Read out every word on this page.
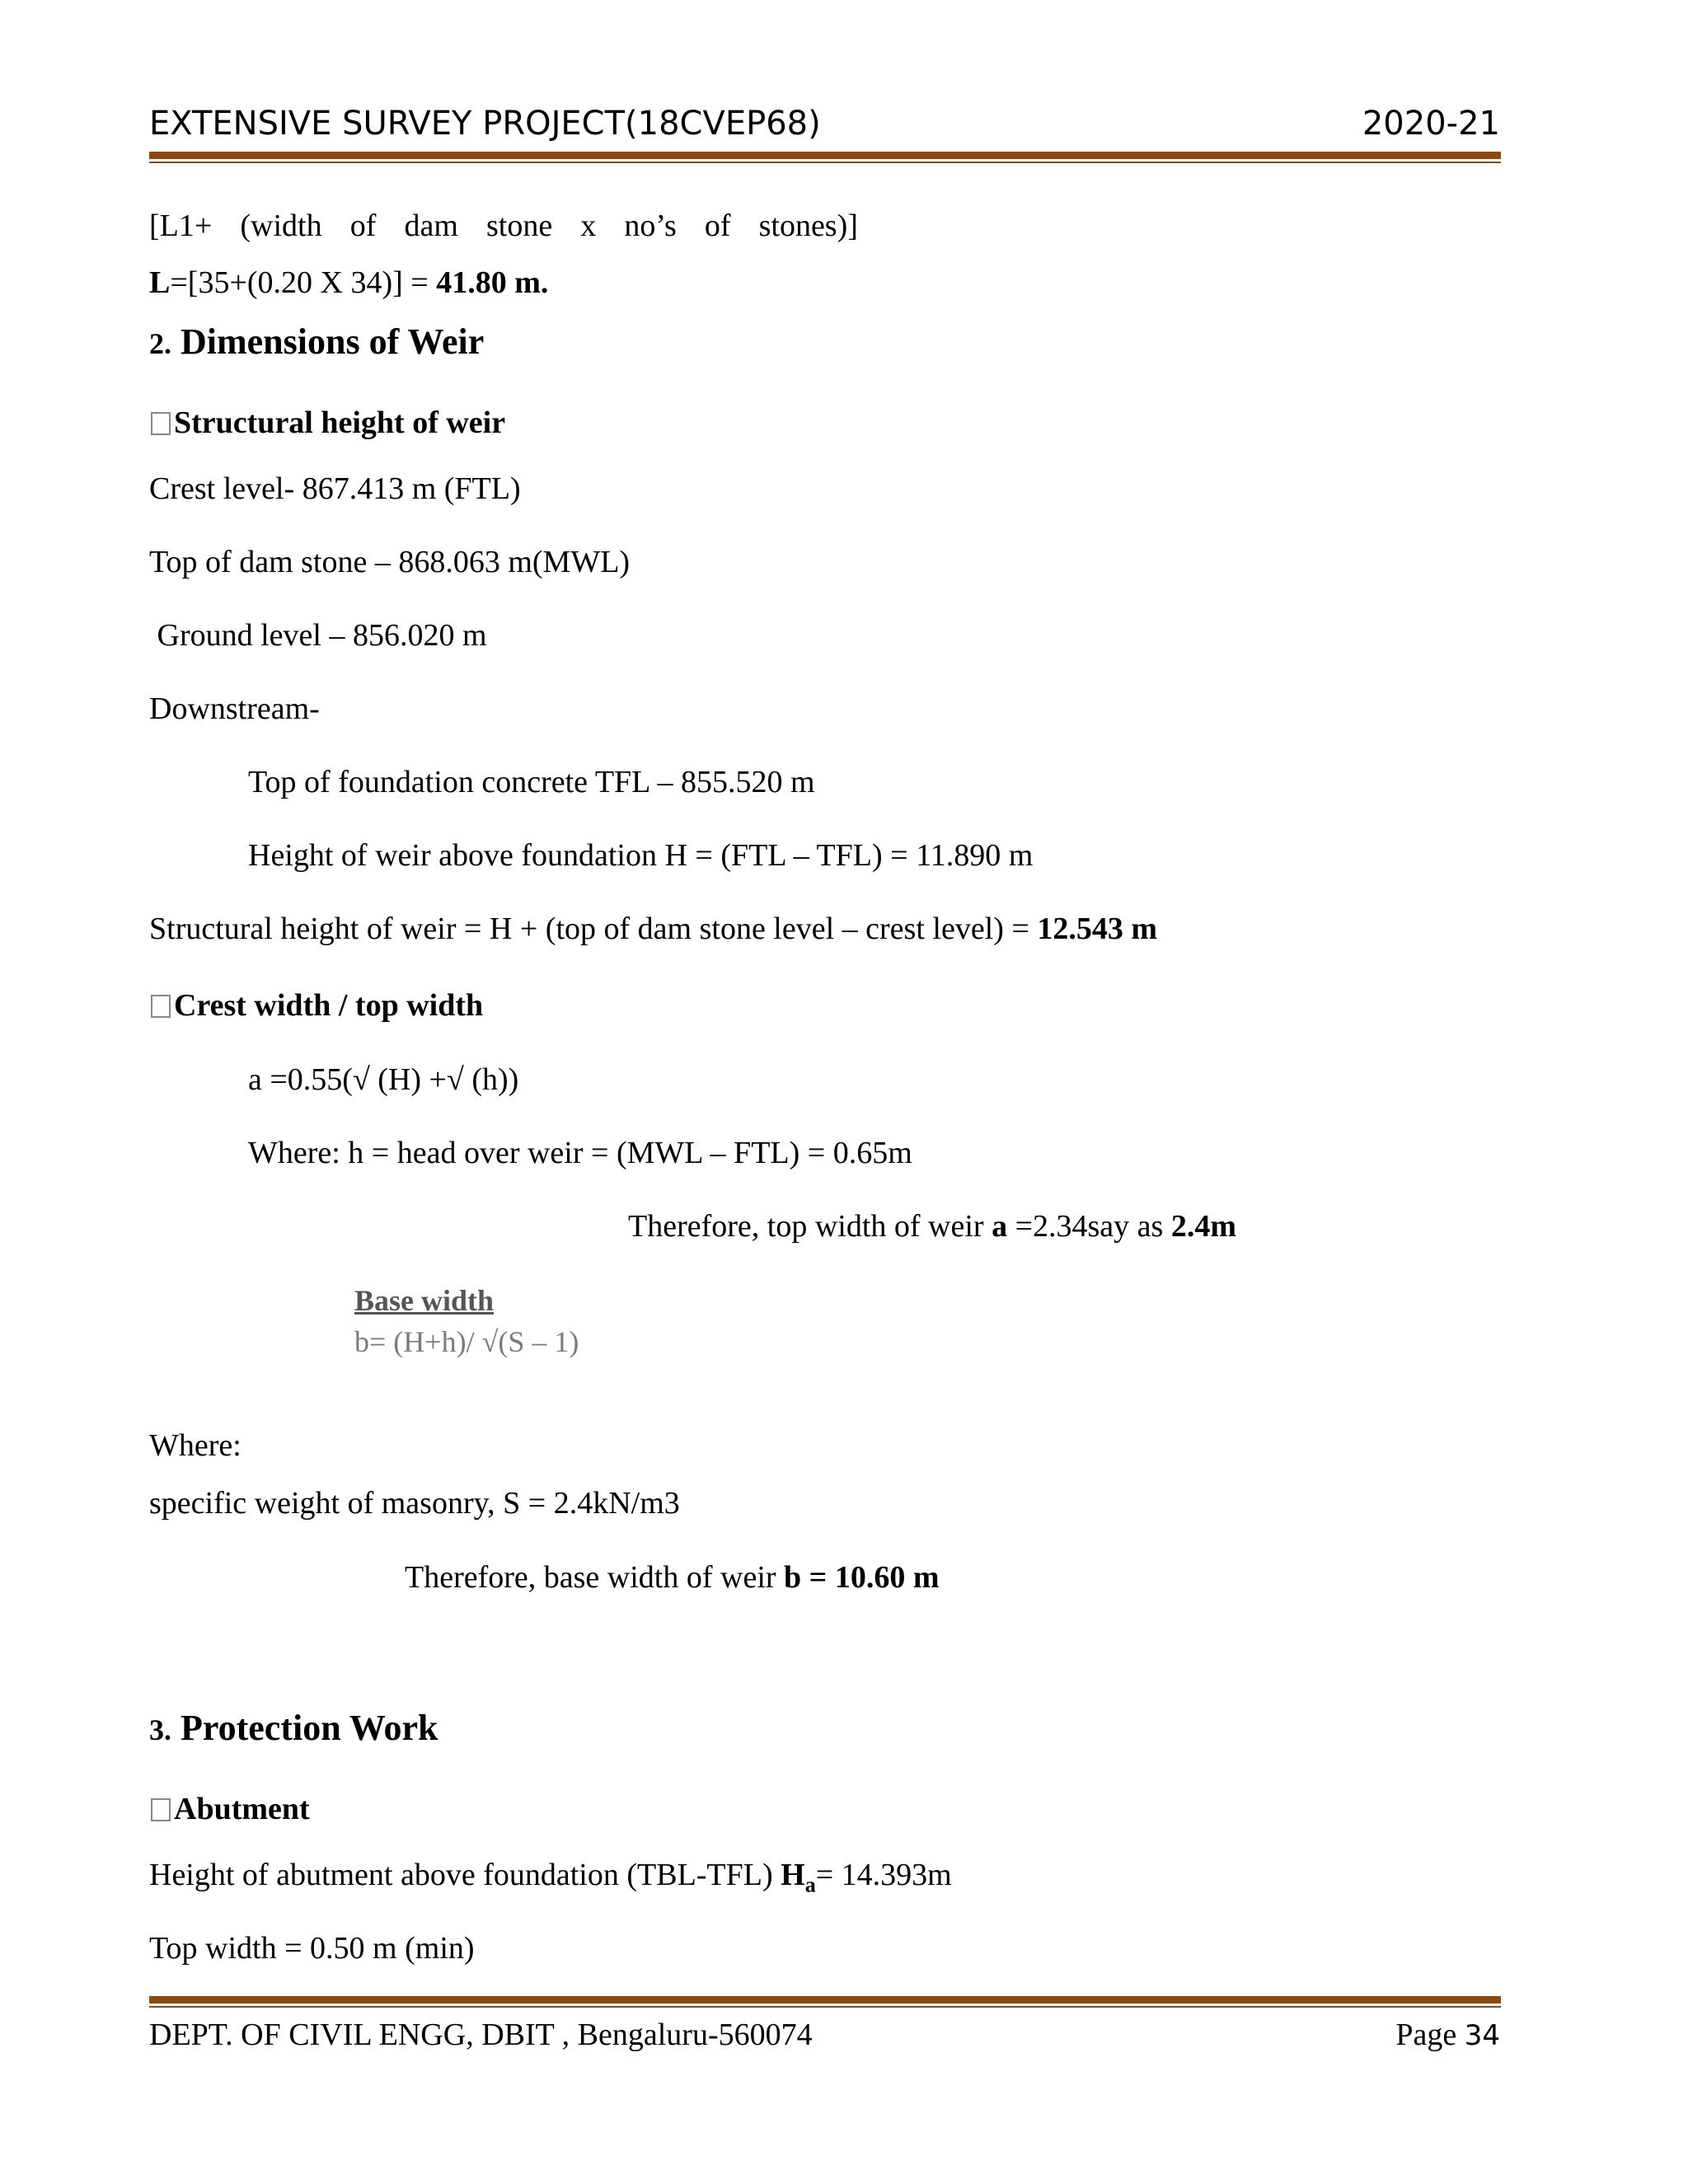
EXTENSIVE SURVEY PROJECT(18CVEP68)	2020-21
[L1+ (width of dam stone x no’s of stones)]
L=[35+(0.20 X 34)] = 41.80 m.
2. Dimensions of Weir
Structural height of weir
Crest level- 867.413 m (FTL)
Top of dam stone – 868.063 m(MWL)
Ground level – 856.020 m
Downstream-
Top of foundation concrete TFL – 855.520 m
Height of weir above foundation H = (FTL – TFL) = 11.890 m
Structural height of weir = H + (top of dam stone level – crest level) = 12.543 m
Crest width / top width
a =0.55(√ (H) +√ (h))
Where: h = head over weir = (MWL – FTL) = 0.65m
Therefore, top width of weir a =2.34say as 2.4m
Base width
b= (H+h)/ √(S – 1)
Where:
specific weight of masonry, S = 2.4kN/m3
Therefore, base width of weir b = 10.60 m
3. Protection Work
Abutment
Height of abutment above foundation (TBL-TFL) $H_a= 14.393m$
Top width = 0.50 m (min)
DEPT. OF CIVIL ENGG, DBIT , Bengaluru-560074	Page 34
